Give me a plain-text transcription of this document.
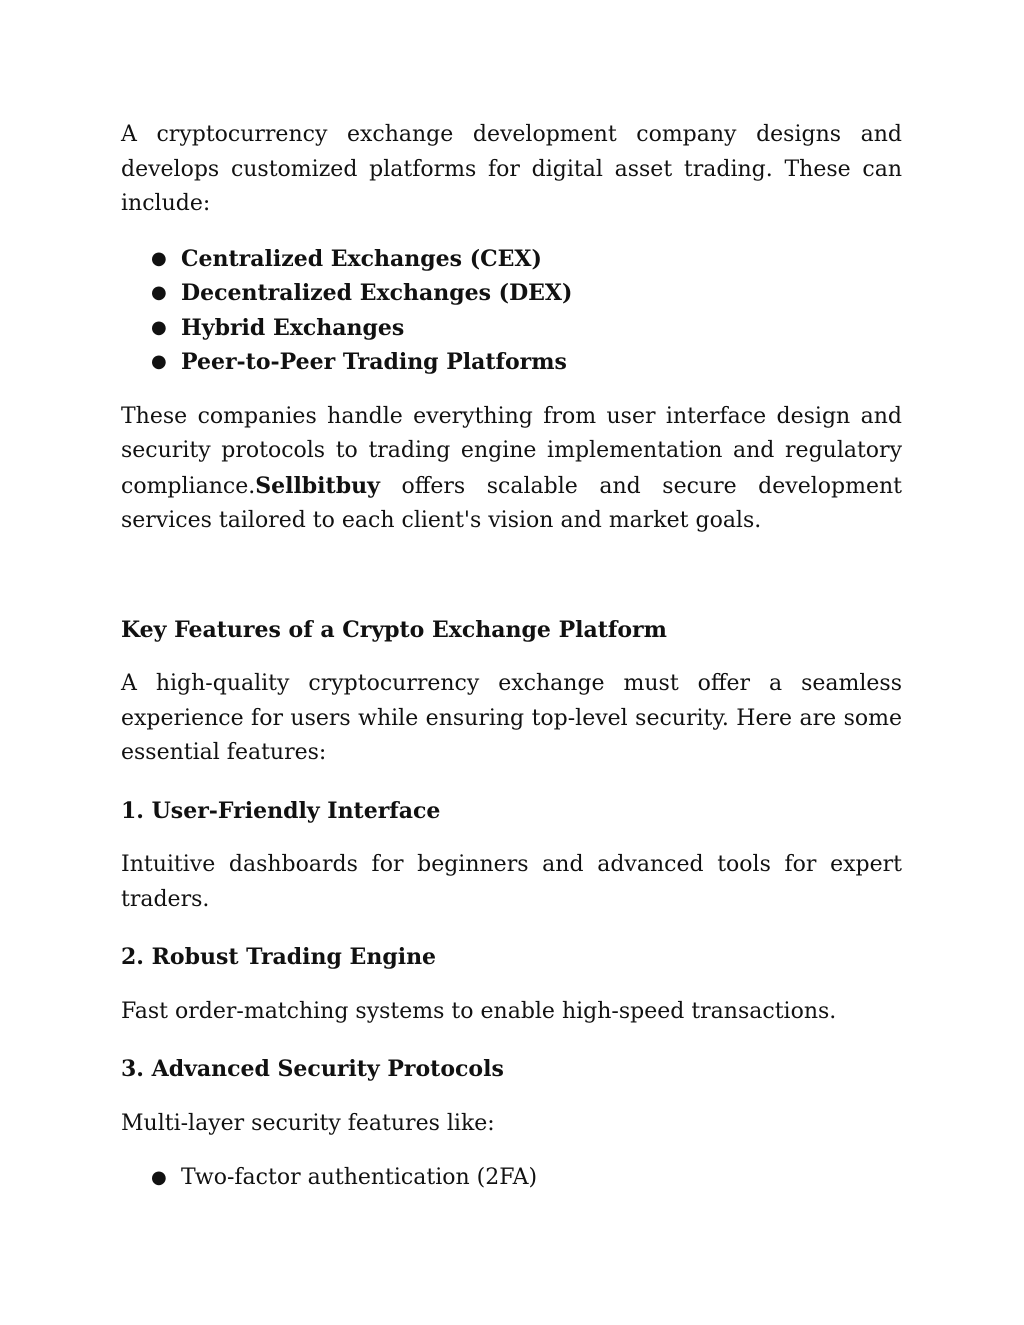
A cryptocurrency exchange development company designs and develops customized platforms for digital asset trading. These can include:

● Centralized Exchanges (CEX)
● Decentralized Exchanges (DEX)
● Hybrid Exchanges
● Peer-to-Peer Trading Platforms

These companies handle everything from user interface design and security protocols to trading engine implementation and regulatory compliance.Sellbitbuy offers scalable and secure development services tailored to each client's vision and market goals.

Key Features of a Crypto Exchange Platform

A high-quality cryptocurrency exchange must offer a seamless experience for users while ensuring top-level security. Here are some essential features:

1. User-Friendly Interface

Intuitive dashboards for beginners and advanced tools for expert traders.

2. Robust Trading Engine

Fast order-matching systems to enable high-speed transactions.

3. Advanced Security Protocols

Multi-layer security features like:

● Two-factor authentication (2FA)
